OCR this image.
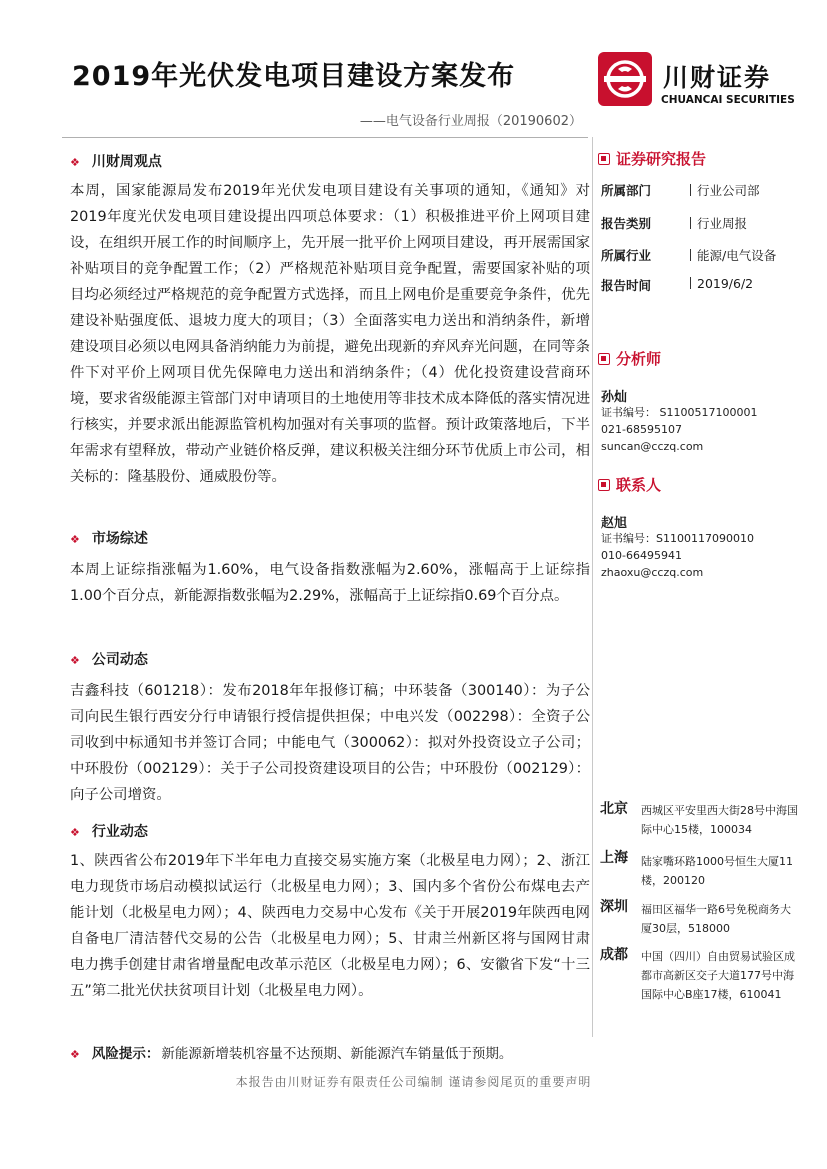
2019年光伏发电项目建设方案发布
——电气设备行业周报（20190602）
川财证券
CHUANCAI SECURITIES
❖ 川财周观点
本周，国家能源局发布2019年光伏发电项目建设有关事项的通知，《通知》对2019年度光伏发电项目建设提出四项总体要求：（1）积极推进平价上网项目建设，在组织开展工作的时间顺序上，先开展一批平价上网项目建设，再开展需国家补贴项目的竞争配置工作；（2）严格规范补贴项目竞争配置，需要国家补贴的项目均必须经过严格规范的竞争配置方式选择，而且上网电价是重要竞争条件，优先建设补贴强度低、退坡力度大的项目；（3）全面落实电力送出和消纳条件，新增建设项目必须以电网具备消纳能力为前提，避免出现新的弃风弃光问题，在同等条件下对平价上网项目优先保障电力送出和消纳条件；（4）优化投资建设营商环境，要求省级能源主管部门对申请项目的土地使用等非技术成本降低的落实情况进行核实，并要求派出能源监管机构加强对有关事项的监督。预计政策落地后，下半年需求有望释放，带动产业链价格反弹，建议积极关注细分环节优质上市公司，相关标的：隆基股份、通威股份等。
❖ 市场综述
本周上证综指涨幅为1.60%，电气设备指数涨幅为2.60%，涨幅高于上证综指1.00个百分点，新能源指数张幅为2.29%，涨幅高于上证综指0.69个百分点。
❖ 公司动态
吉鑫科技（601218）：发布2018年年报修订稿；中环装备（300140）：为子公司向民生银行西安分行申请银行授信提供担保；中电兴发（002298）：全资子公司收到中标通知书并签订合同；中能电气（300062）：拟对外投资设立子公司；中环股份（002129）：关于子公司投资建设项目的公告；中环股份（002129）：向子公司增资。
❖ 行业动态
1、陕西省公布2019年下半年电力直接交易实施方案（北极星电力网）；2、浙江电力现货市场启动模拟试运行（北极星电力网）；3、国内多个省份公布煤电去产能计划（北极星电力网）；4、陕西电力交易中心发布《关于开展2019年陕西电网自备电厂清洁替代交易的公告（北极星电力网）；5、甘肃兰州新区将与国网甘肃电力携手创建甘肃省增量配电改革示范区（北极星电力网）；6、安徽省下发“十三五”第二批光伏扶贫项目计划（北极星电力网）。
❖ 风险提示： 新能源新增装机容量不达预期、新能源汽车销量低于预期。
证券研究报告
所属部门	行业公司部
报告类别	行业周报
所属行业	能源/电气设备
报告时间	2019/6/2
分析师
孙灿
证书编号： S1100517100001
021-68595107
suncan@cczq.com
联系人
赵旭
证书编号：S1100117090010
010-66495941
zhaoxu@cczq.com
北京 西城区平安里西大街28号中海国际中心15楼，100034
上海 陆家嘴环路1000号恒生大厦11楼，200120
深圳 福田区福华一路6号免税商务大厦30层，518000
成都 中国（四川）自由贸易试验区成都市高新区交子大道177号中海国际中心B座17楼，610041
本报告由川财证券有限责任公司编制 谨请参阅尾页的重要声明
